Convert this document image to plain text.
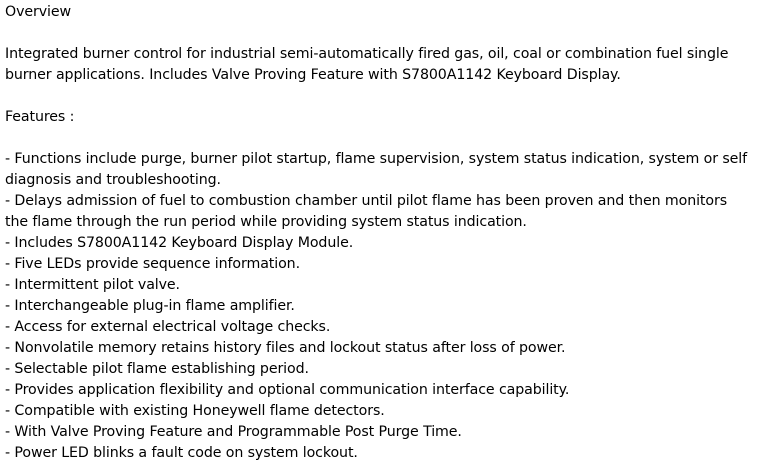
Overview
Integrated burner control for industrial semi-automatically fired gas, oil, coal or combination fuel single burner applications. Includes Valve Proving Feature with S7800A1142 Keyboard Display.
Features :
- Functions include purge, burner pilot startup, flame supervision, system status indication, system or self diagnosis and troubleshooting.
- Delays admission of fuel to combustion chamber until pilot flame has been proven and then monitors the flame through the run period while providing system status indication.
- Includes S7800A1142 Keyboard Display Module.
- Five LEDs provide sequence information.
- Intermittent pilot valve.
- Interchangeable plug-in flame amplifier.
- Access for external electrical voltage checks.
- Nonvolatile memory retains history files and lockout status after loss of power.
- Selectable pilot flame establishing period.
- Provides application flexibility and optional communication interface capability.
- Compatible with existing Honeywell flame detectors.
- With Valve Proving Feature and Programmable Post Purge Time.
- Power LED blinks a fault code on system lockout.
